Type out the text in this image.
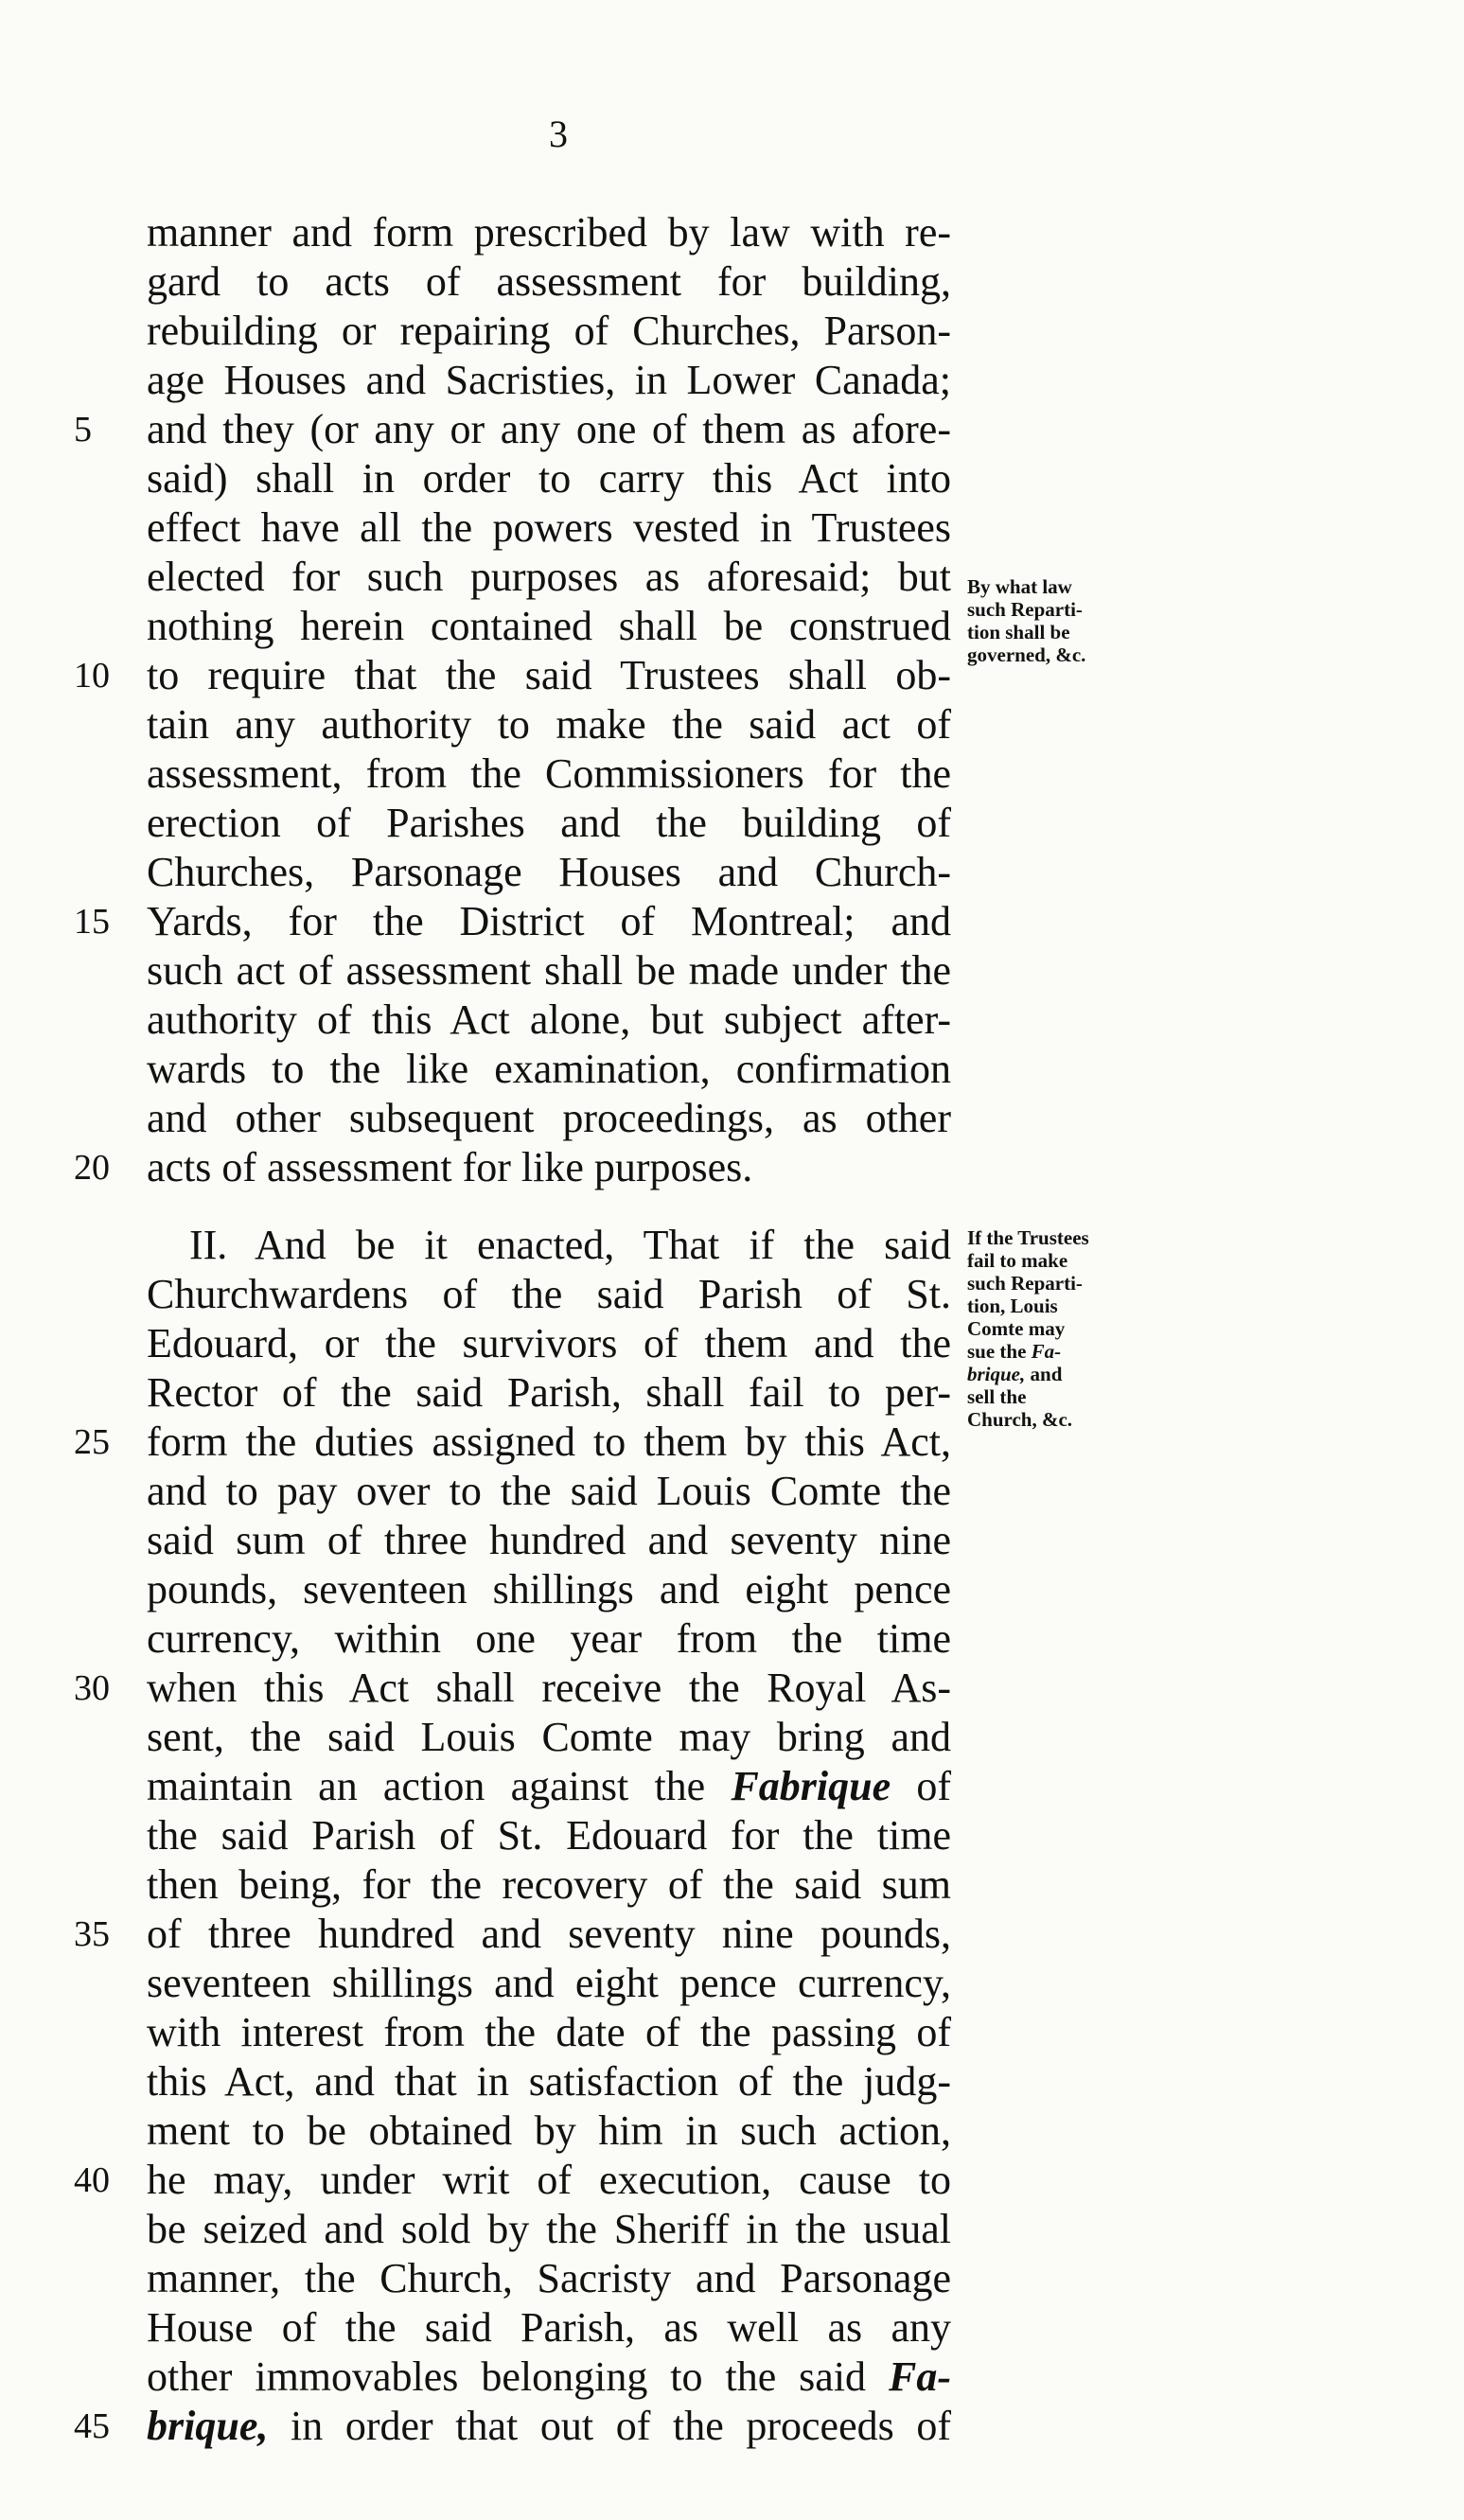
3
manner and form prescribed by law with re-
gard to acts of assessment for building,
rebuilding or repairing of Churches, Parson-
age Houses and Sacristies, in Lower Canada;
and they (or any or any one of them as afore-
said) shall in order to carry this Act into
effect have all the powers vested in Trustees
elected for such purposes as aforesaid; but
nothing herein contained shall be construed
to require that the said Trustees shall ob-
tain any authority to make the said act of
assessment, from the Commissioners for the
erection of Parishes and the building of
Churches, Parsonage Houses and Church-
Yards, for the District of Montreal; and
such act of assessment shall be made under the
authority of this Act alone, but subject after-
wards to the like examination, confirmation
and other subsequent proceedings, as other
acts of assessment for like purposes.
5
10
15
20
By what law
such Reparti-
tion shall be
governed, &c.
II. And be it enacted, That if the said
Churchwardens of the said Parish of St.
Edouard, or the survivors of them and the
Rector of the said Parish, shall fail to per-
form the duties assigned to them by this Act,
and to pay over to the said Louis Comte the
said sum of three hundred and seventy nine
pounds, seventeen shillings and eight pence
currency, within one year from the time
when this Act shall receive the Royal As-
sent, the said Louis Comte may bring and
maintain an action against the Fabrique of
the said Parish of St. Edouard for the time
then being, for the recovery of the said sum
of three hundred and seventy nine pounds,
seventeen shillings and eight pence currency,
with interest from the date of the passing of
this Act, and that in satisfaction of the judg-
ment to be obtained by him in such action,
he may, under writ of execution, cause to
be seized and sold by the Sheriff in the usual
manner, the Church, Sacristy and Parsonage
House of the said Parish, as well as any
other immovables belonging to the said Fa-
brique, in order that out of the proceeds of
25
30
35
40
45
If the Trustees
fail to make
such Reparti-
tion, Louis
Comte may
sue the Fa-
brique, and
sell the
Church, &c.
